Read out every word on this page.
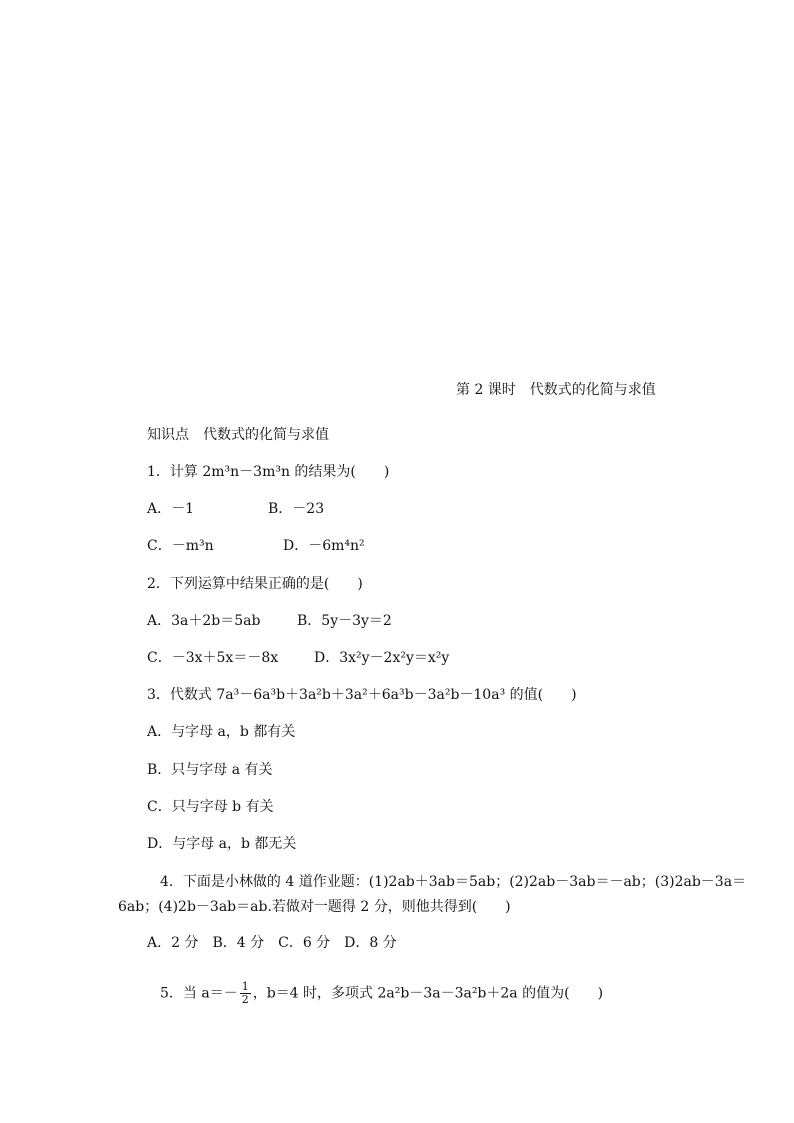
第 2 课时　代数式的化简与求值
知识点　代数式的化简与求值
1．计算 2m³n－3m³n 的结果为(　　)
A．－1	B．－23
C．－m³n	D．－6m⁴n²
2．下列运算中结果正确的是(　　)
A．3a＋2b＝5ab	B．5y－3y＝2
C．－3x＋5x＝－8x	D．3x²y－2x²y＝x²y
3．代数式 7a³－6a³b＋3a²b＋3a²＋6a³b－3a²b－10a³ 的值(　　)
A．与字母 a，b 都有关
B．只与字母 a 有关
C．只与字母 b 有关
D．与字母 a，b 都无关
4．下面是小林做的 4 道作业题：(1)2ab＋3ab＝5ab；(2)2ab－3ab＝－ab；(3)2ab－3a＝
6ab；(4)2b－3ab＝ab.若做对一题得 2 分，则他共得到(　　)
A．2 分　B．4 分　C．6 分　D．8 分
5．当 $a=- \frac{1}{2}$ ，b＝4 时，多项式 2a²b－3a－3a²b＋2a 的值为(　　)
